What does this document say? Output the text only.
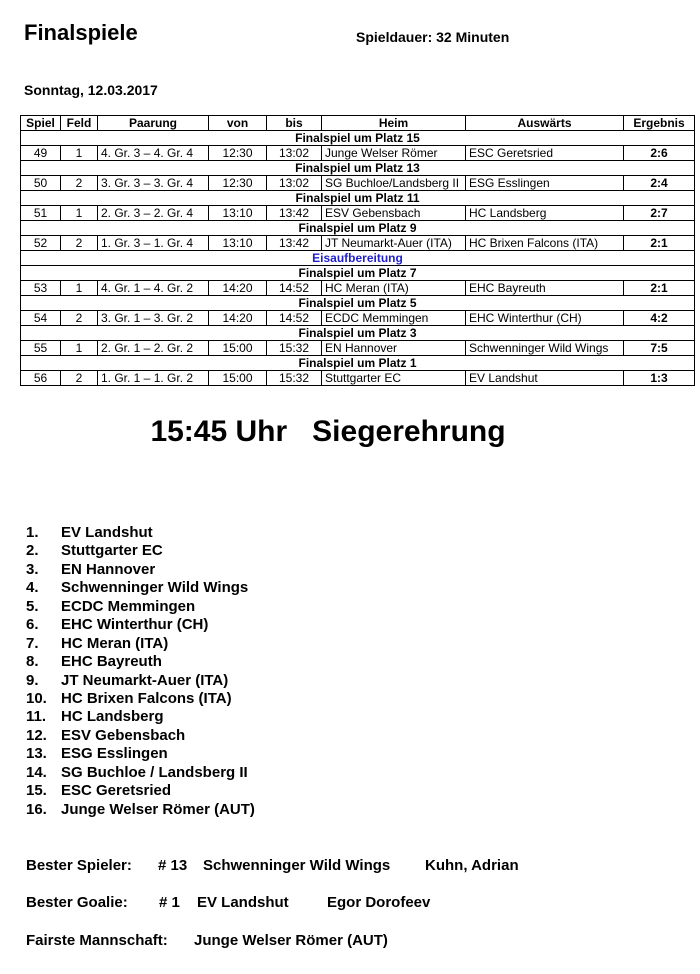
Finalspiele	Spieldauer: 32 Minuten
Sonntag, 12.03.2017
Spiel	Feld	Paarung	von	bis	Heim	Auswärts	Ergebnis
Finalspiel um Platz 15							
49	1	4. Gr. 3 – 4. Gr. 4	12:30	13:02	Junge Welser Römer	ESC Geretsried	2:6
Finalspiel um Platz 13							
50	2	3. Gr. 3 – 3. Gr. 4	12:30	13:02	SG Buchloe/Landsberg II	ESG Esslingen	2:4
Finalspiel um Platz 11							
51	1	2. Gr. 3 – 2. Gr. 4	13:10	13:42	ESV Gebensbach	HC Landsberg	2:7
Finalspiel um Platz 9							
52	2	1. Gr. 3 – 1. Gr. 4	13:10	13:42	JT Neumarkt-Auer (ITA)	HC Brixen Falcons (ITA)	2:1
Eisaufbereitung							
Finalspiel um Platz 7							
53	1	4. Gr. 1 – 4. Gr. 2	14:20	14:52	HC Meran (ITA)	EHC Bayreuth	2:1
Finalspiel um Platz 5							
54	2	3. Gr. 1 – 3. Gr. 2	14:20	14:52	ECDC Memmingen	EHC Winterthur (CH)	4:2
Finalspiel um Platz 3							
55	1	2. Gr. 1 – 2. Gr. 2	15:00	15:32	EN Hannover	Schwenninger Wild Wings	7:5
Finalspiel um Platz 1							
56	2	1. Gr. 1 – 1. Gr. 2	15:00	15:32	Stuttgarter EC	EV Landshut	1:3
15:45 Uhr   Siegerehrung
1. EV Landshut
2. Stuttgarter EC
3. EN Hannover
4. Schwenninger Wild Wings
5. ECDC Memmingen
6. EHC Winterthur (CH)
7. HC Meran (ITA)
8. EHC Bayreuth
9. JT Neumarkt-Auer (ITA)
10. HC Brixen Falcons (ITA)
11. HC Landsberg
12. ESV Gebensbach
13. ESG Esslingen
14. SG Buchloe / Landsberg II
15. ESC Geretsried
16. Junge Welser Römer (AUT)
Bester Spieler: # 13 Schwenninger Wild Wings Kuhn, Adrian
Bester Goalie: # 1 EV Landshut	Egor Dorofeev
Fairste Mannschaft: Junge Welser Römer (AUT)
